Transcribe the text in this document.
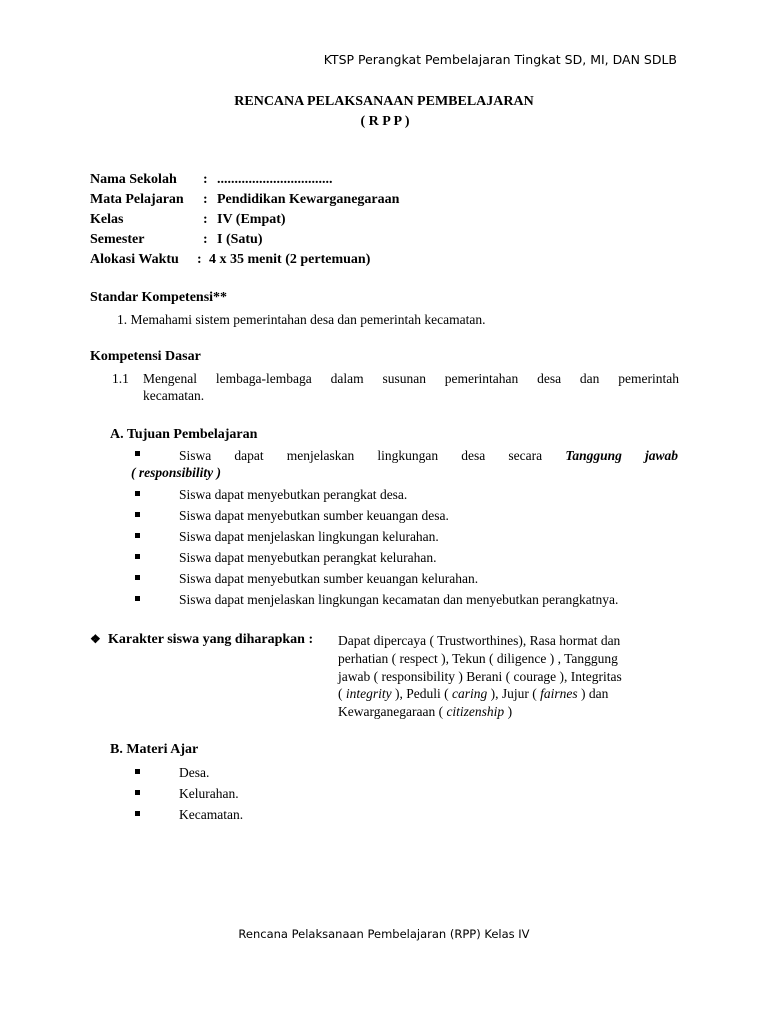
KTSP Perangkat Pembelajaran Tingkat SD, MI, DAN SDLB
RENCANA PELAKSANAAN PEMBELAJARAN
( R P P )
Nama Sekolah : .................................
Mata Pelajaran : Pendidikan Kewarganegaraan
Kelas	: IV (Empat)
Semester	: I (Satu)
Alokasi Waktu : 4 x 35 menit (2 pertemuan)
Standar Kompetensi**
1. Memahami sistem pemerintahan desa dan pemerintah kecamatan.
Kompetensi Dasar
1.1 Mengenal lembaga-lembaga dalam susunan pemerintahan desa dan pemerintah
kecamatan.
A. Tujuan Pembelajaran
Siswa dapat menjelaskan lingkungan desa secara Tanggung jawab
( responsibility )
Siswa dapat menyebutkan perangkat desa.
Siswa dapat menyebutkan sumber keuangan desa.
Siswa dapat menjelaskan lingkungan kelurahan.
Siswa dapat menyebutkan perangkat kelurahan.
Siswa dapat menyebutkan sumber keuangan kelurahan.
Siswa dapat menjelaskan lingkungan kecamatan dan menyebutkan perangkatnya.
❖ Karakter siswa yang diharapkan : Dapat dipercaya ( Trustworthines), Rasa hormat dan
perhatian ( respect ), Tekun ( diligence ) , Tanggung
jawab ( responsibility ) Berani ( courage ), Integritas
( integrity ), Peduli ( caring ), Jujur ( fairnes ) dan
Kewarganegaraan ( citizenship )
B. Materi Ajar
Desa.
Kelurahan.
Kecamatan.
Rencana Pelaksanaan Pembelajaran (RPP) Kelas IV
